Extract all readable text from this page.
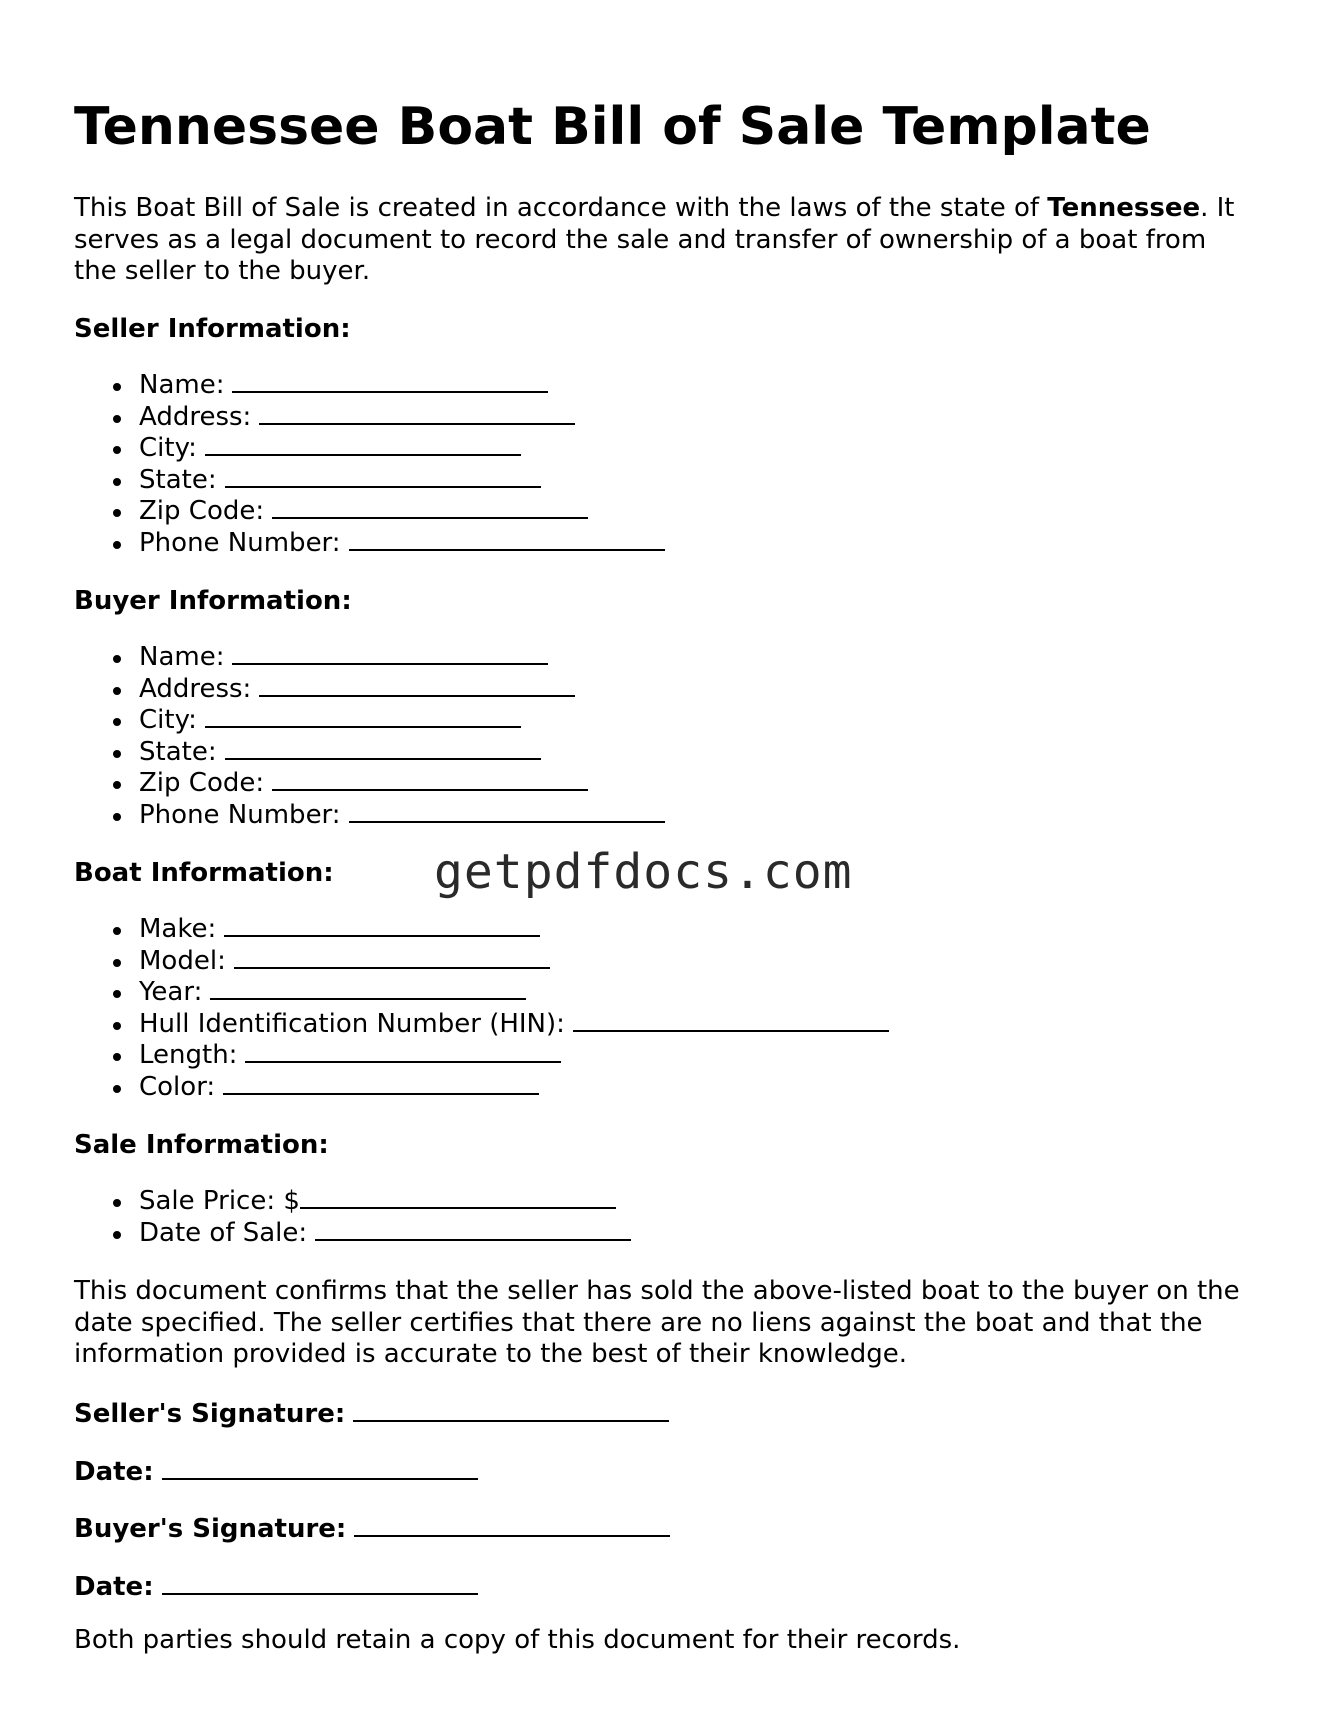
Tennessee Boat Bill of Sale Template

This Boat Bill of Sale is created in accordance with the laws of the state of Tennessee. It serves as a legal document to record the sale and transfer of ownership of a boat from the seller to the buyer.

Seller Information:

Name:
Address:
City:
State:
Zip Code:
Phone Number:

Buyer Information:

Name:
Address:
City:
State:
Zip Code:
Phone Number:

Boat Information:

Make:
Model:
Year:
Hull Identification Number (HIN):
Length:
Color:

Sale Information:

Sale Price: $
Date of Sale:

This document confirms that the seller has sold the above-listed boat to the buyer on the date specified. The seller certifies that there are no liens against the boat and that the information provided is accurate to the best of their knowledge.

Seller's Signature:

Date:

Buyer's Signature:

Date:

Both parties should retain a copy of this document for their records.

getpdfdocs.com
